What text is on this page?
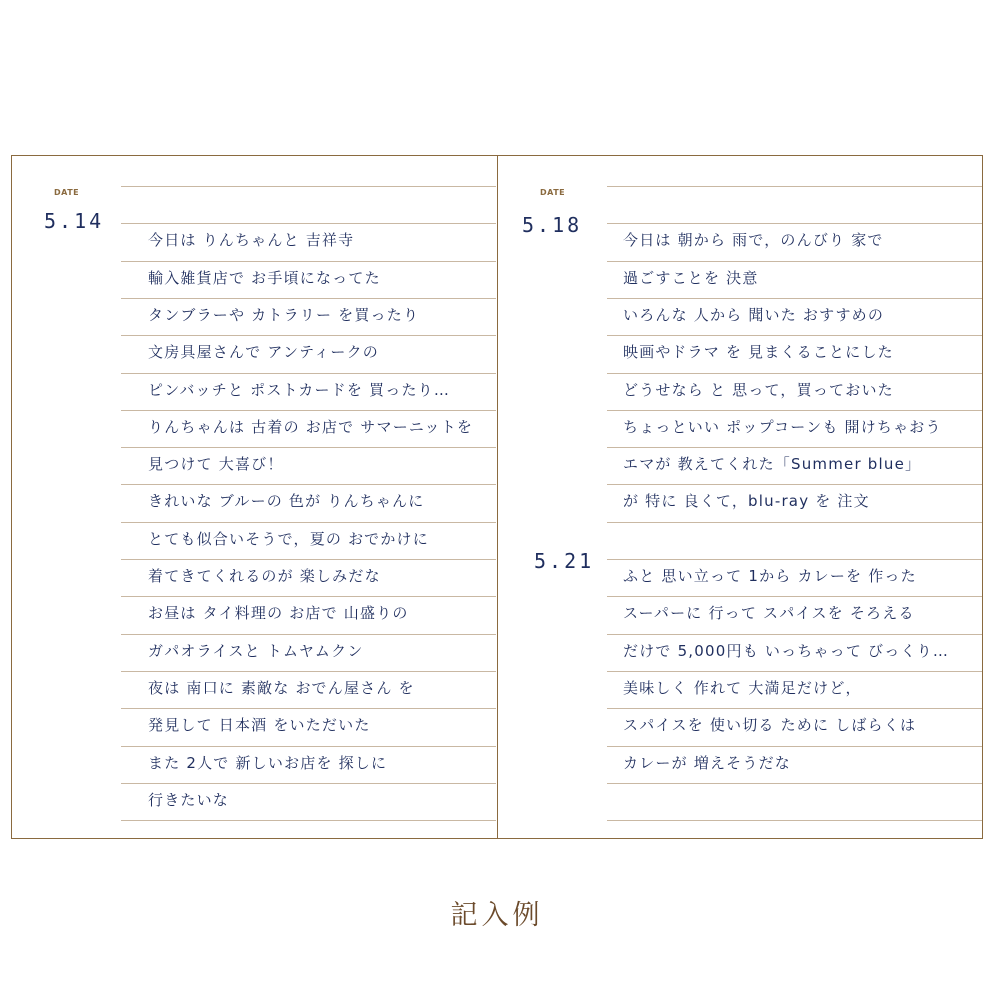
DATE
5.14
今日は りんちゃんと 吉祥寺
輸入雑貨店で お手頃になってた
タンブラーや カトラリー を買ったり
文房具屋さんで アンティークの
ピンバッチと ポストカードを 買ったり…
りんちゃんは 古着の お店で サマーニットを
見つけて 大喜び！
きれいな ブルーの 色が りんちゃんに
とても似合いそうで，夏の おでかけに
着てきてくれるのが 楽しみだな
お昼は タイ料理の お店で 山盛りの
ガパオライスと トムヤムクン
夜は 南口に 素敵な おでん屋さん を
発見して 日本酒 をいただいた
また 2人で 新しいお店を 探しに
行きたいな
DATE
5.18
5.21
今日は 朝から 雨で，のんびり 家で
過ごすことを 決意
いろんな 人から 聞いた おすすめの
映画やドラマ を 見まくることにした
どうせなら と 思って，買っておいた
ちょっといい ポップコーンも 開けちゃおう
エマが 教えてくれた「Summer blue」
が 特に 良くて，blu-ray を 注文
ふと 思い立って 1から カレーを 作った
スーパーに 行って スパイスを そろえる
だけで 5,000円も いっちゃって びっくり…
美味しく 作れて 大満足だけど，
スパイスを 使い切る ために しばらくは
カレーが 増えそうだな
記入例
